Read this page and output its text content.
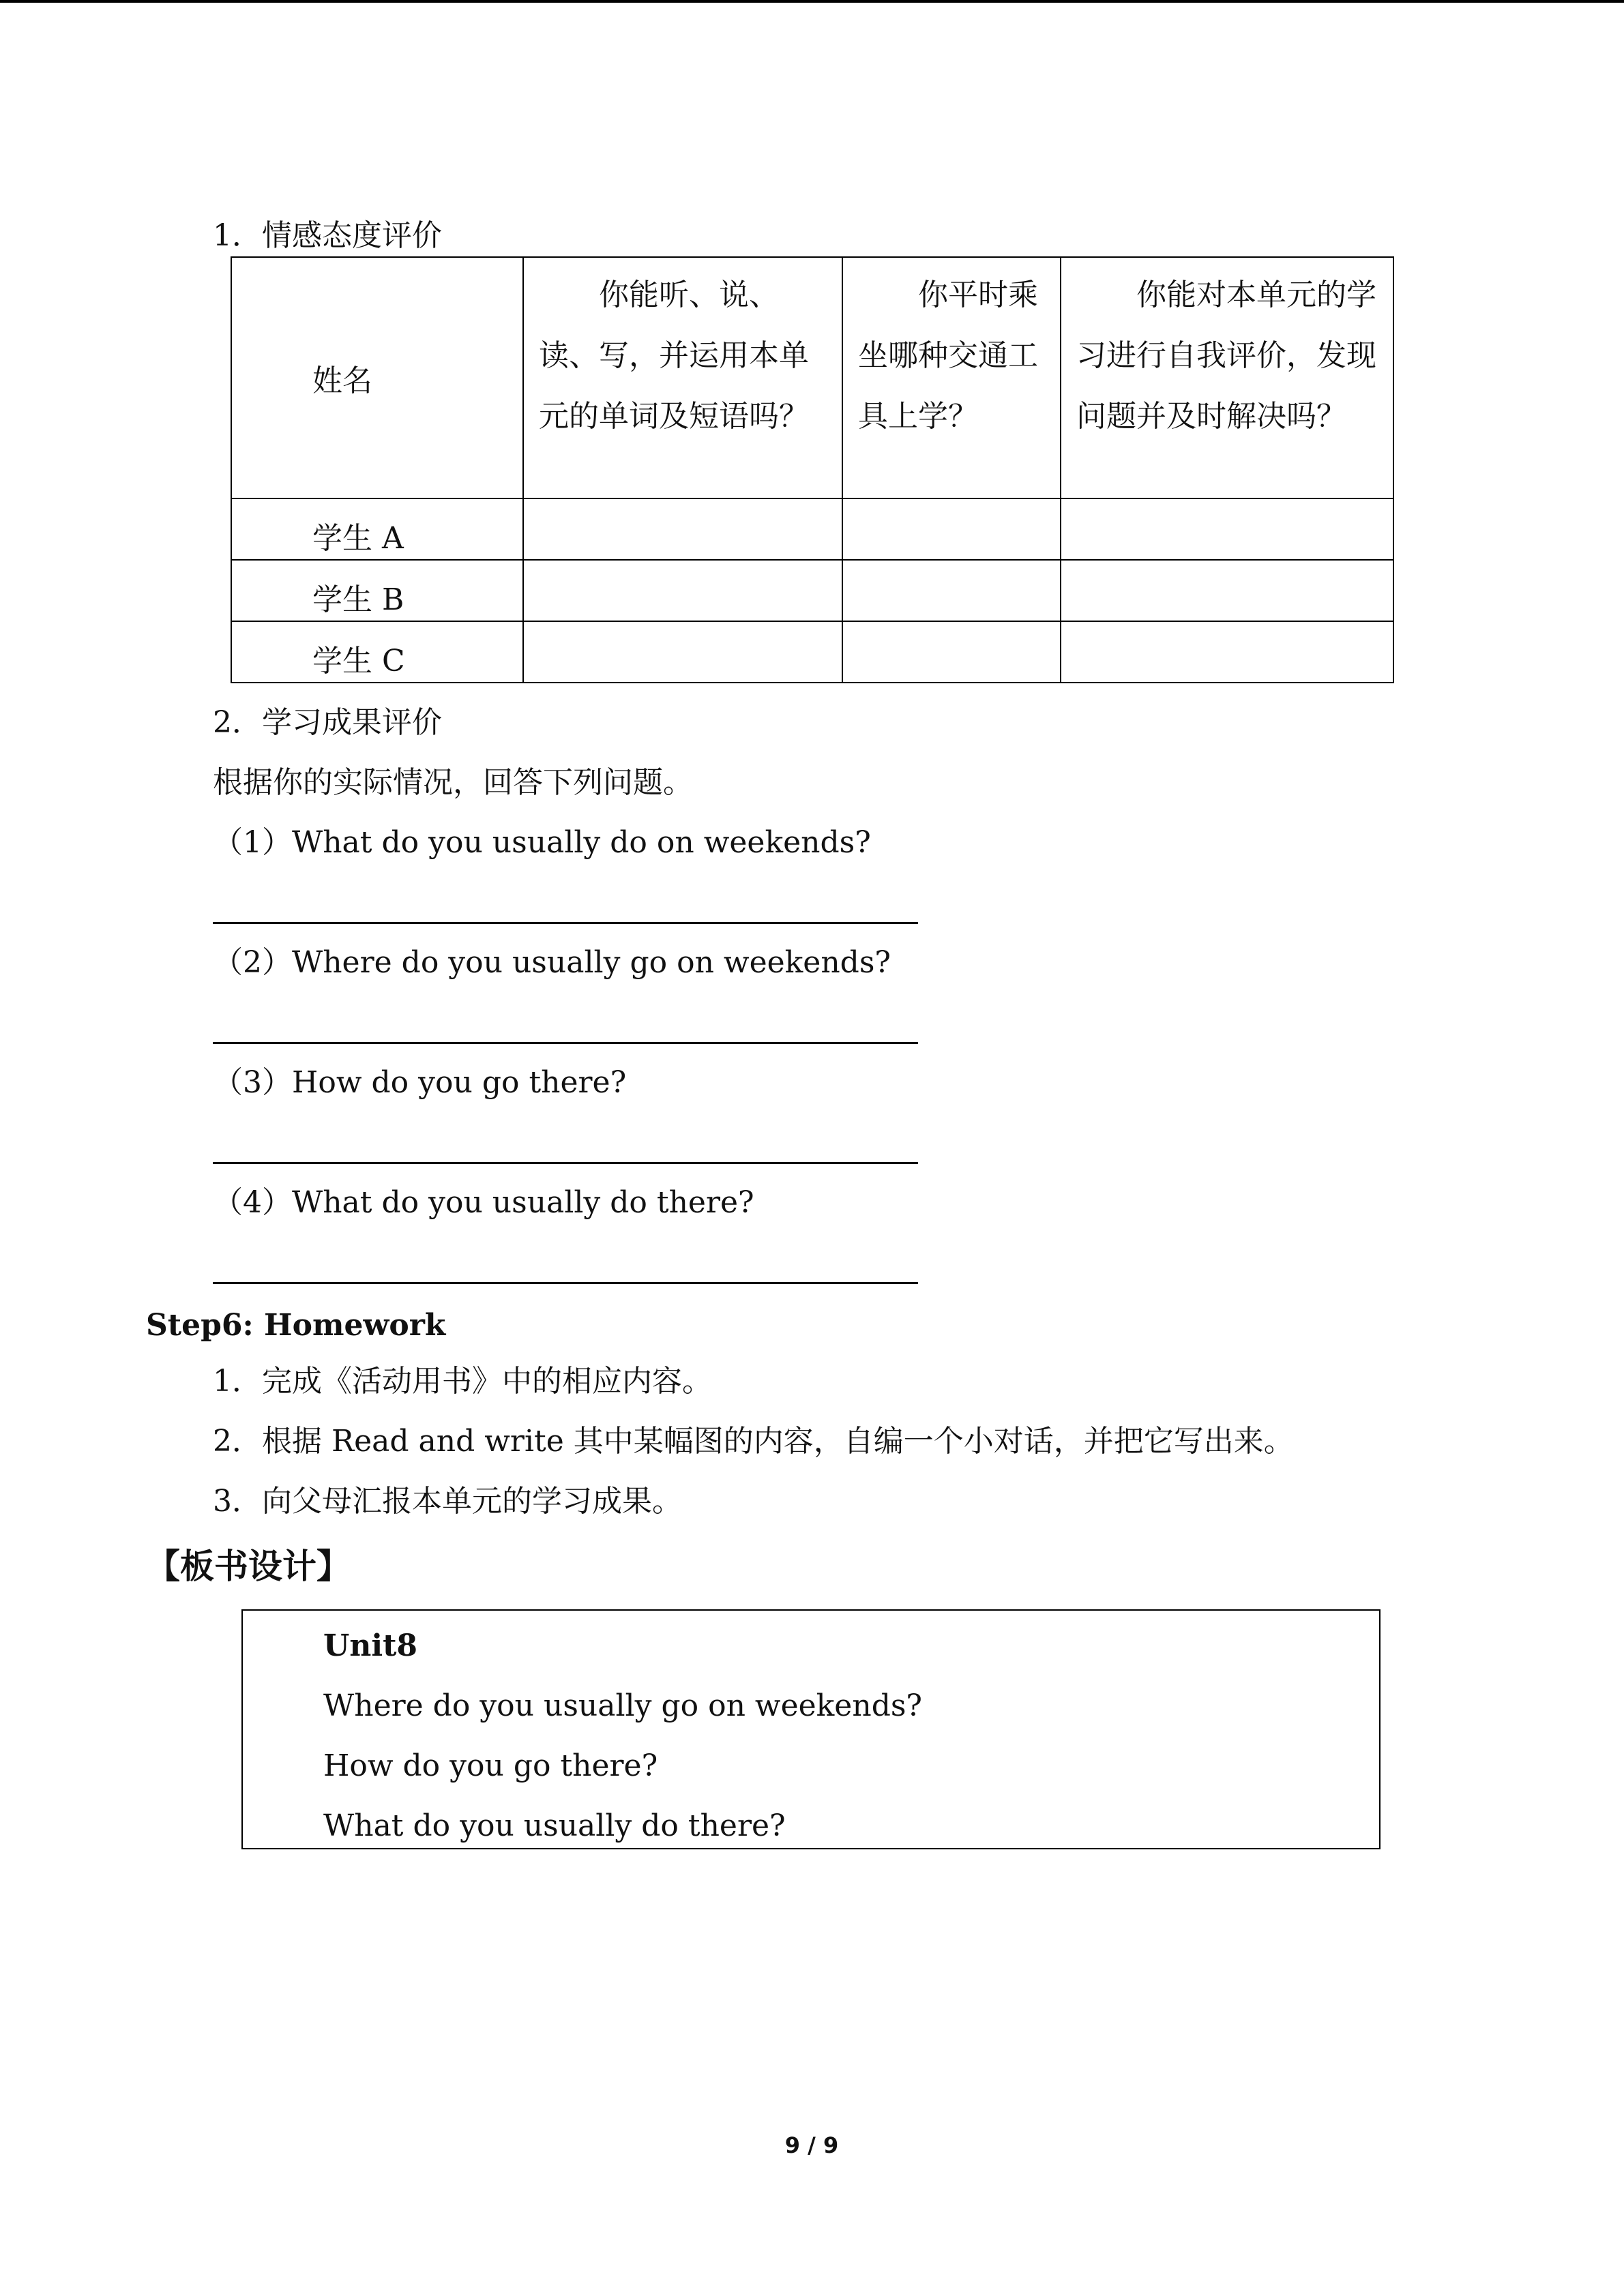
1．情感态度评价
姓名	你能听、说、读、写，并运用本单元的单词及短语吗？	你平时乘坐哪种交通工具上学？	你能对本单元的学习进行自我评价，发现问题并及时解决吗？
学生 A			
学生 B			
学生 C			
2．学习成果评价
根据你的实际情况，回答下列问题。
（1）What do you usually do on weekends?
（2）Where do you usually go on weekends?
（3）How do you go there?
（4）What do you usually do there?
Step6: Homework
1．完成《活动用书》中的相应内容。
2．根据 Read and write 其中某幅图的内容，自编一个小对话，并把它写出来。
3．向父母汇报本单元的学习成果。
【板书设计】
Unit8
Where do you usually go on weekends?
How do you go there?
What do you usually do there?
9 / 9
